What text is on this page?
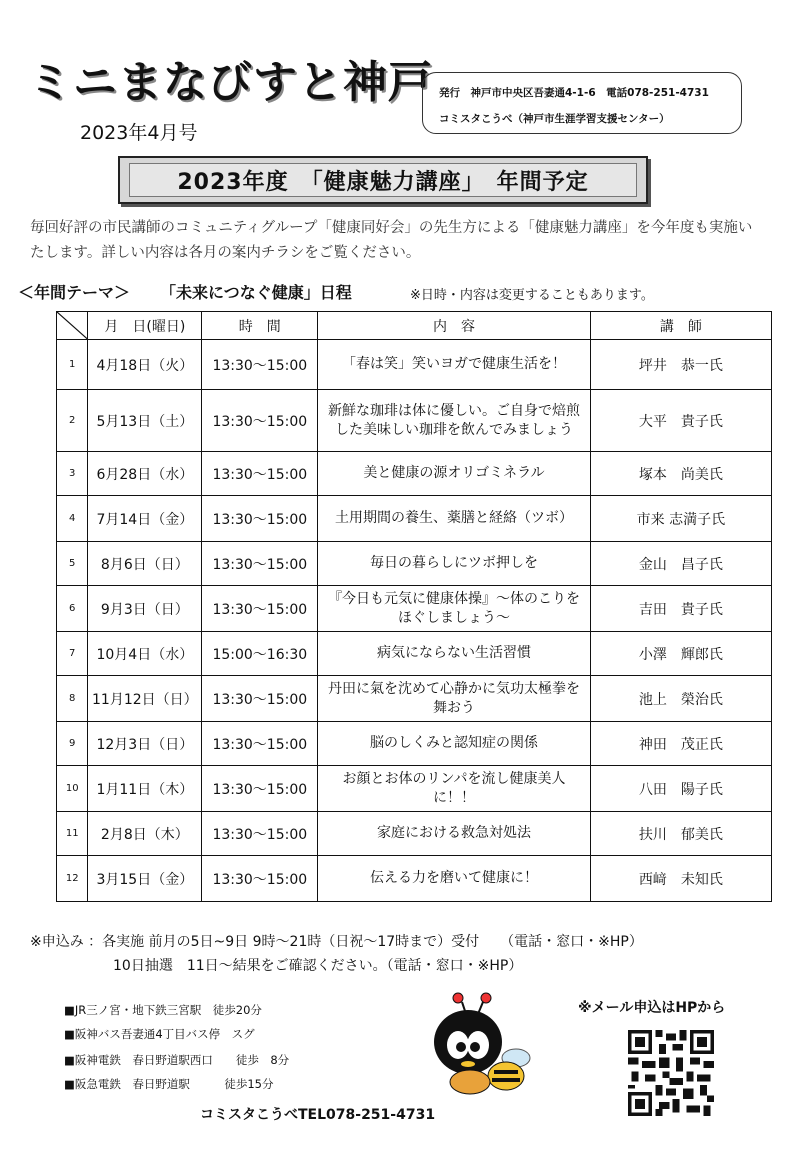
ミニまなびすと神戸
2023年4月号
発行　神戸市中央区吾妻通4-1-6　電話078-251-4731
コミスタこうべ（神戸市生涯学習支援センター）
2023年度　「健康魅力講座」　年間予定
毎回好評の市民講師のコミュニティグループ「健康同好会」の先生方による「健康魅力講座」を今年度も実施いたします。詳しい内容は各月の案内チラシをご覧ください。
＜年間テーマ＞ 「未来につなぐ健康」日程	※日時・内容は変更することもあります。
	月　日(曜日)	時　間	内　容	講　師
1	4月18日（火）	13:30〜15:00	「春は笑」笑いヨガで健康生活を！	坪井　恭一氏
2	5月13日（土）	13:30〜15:00	新鮮な珈琲は体に優しい。ご自身で焙煎した美味しい珈琲を飲んでみましょう	大平　貴子氏
3	6月28日（水）	13:30〜15:00	美と健康の源オリゴミネラル	塚本　尚美氏
4	7月14日（金）	13:30〜15:00	土用期間の養生、薬膳と経絡（ツボ）	市来 志満子氏
5	8月6日（日）	13:30〜15:00	毎日の暮らしにツボ押しを	金山　昌子氏
6	9月3日（日）	13:30〜15:00	『今日も元気に健康体操』〜体のこりをほぐしましょう〜	吉田　貴子氏
7	10月4日（水）	15:00〜16:30	病気にならない生活習慣	小澤　輝郎氏
8	11月12日（日）	13:30〜15:00	丹田に氣を沈めて心静かに気功太極拳を舞おう	池上　榮治氏
9	12月3日（日）	13:30〜15:00	脳のしくみと認知症の関係	神田　茂正氏
10	1月11日（木）	13:30〜15:00	お顔とお体のリンパを流し健康美人に！！	八田　陽子氏
11	2月8日（木）	13:30〜15:00	家庭における救急対処法	扶川　郁美氏
12	3月15日（金）	13:30〜15:00	伝える力を磨いて健康に！	西﨑　未知氏
※申込み ：各実施 前月の5日~9日 9時〜21時（日祝〜17時まで）受付　　（電話・窓口・※HP）
10日抽選　11日〜結果をご確認ください。（電話・窓口・※HP）
■JR三ノ宮・地下鉄三宮駅　徒歩20分
■阪神バス吾妻通4丁目バス停　スグ
■阪神電鉄　春日野道駅西口　　徒歩　8分
■阪急電鉄　春日野道駅　　　徒歩15分
コミスタこうべTEL078-251-4731
※メール申込はHPから
